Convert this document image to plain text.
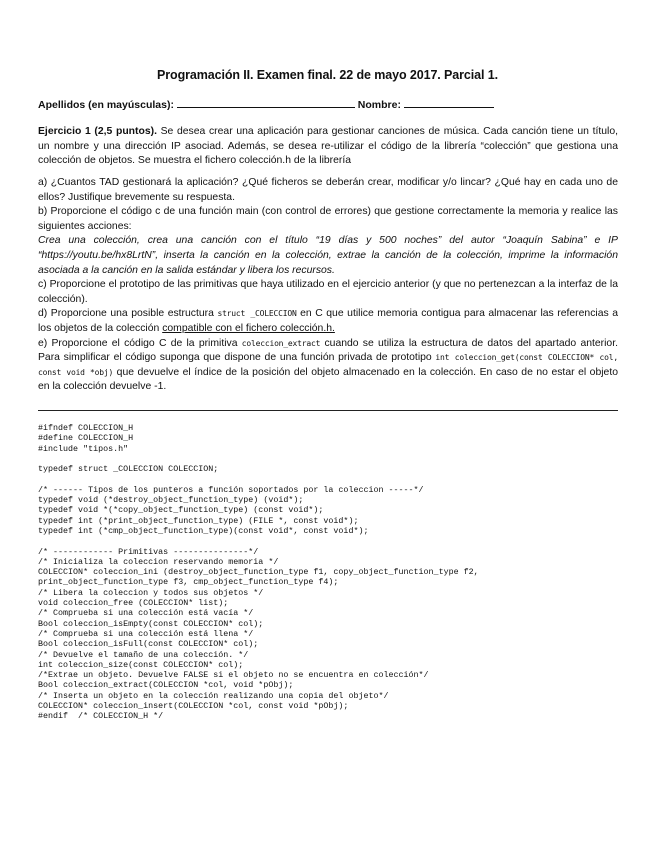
Programación II. Examen final. 22 de mayo 2017. Parcial 1.
Apellidos (en mayúsculas):	Nombre:
Ejercicio 1 (2,5 puntos). Se desea crear una aplicación para gestionar canciones de música. Cada canción tiene un título, un nombre y una dirección IP asociad. Además, se desea re-utilizar el código de la librería “colección” que gestiona una colección de objetos. Se muestra el fichero colección.h de la librería
a) ¿Cuantos TAD gestionará la aplicación? ¿Qué ficheros se deberán crear, modificar y/o lincar? ¿Qué hay en cada uno de ellos? Justifique brevemente su respuesta.
b) Proporcione el código c de una función main (con control de errores) que gestione correctamente la memoria y realice las siguientes acciones:
Crea una colección, crea una canción con el título “19 días y 500 noches” del autor “Joaquín Sabina” e IP “https://youtu.be/hx8LrtN”, inserta la canción en la colección, extrae la canción de la colección, imprime la información asociada a la canción en la salida estándar y libera los recursos.
c) Proporcione el prototipo de las primitivas que haya utilizado en el ejercicio anterior (y que no pertenezcan a la interfaz de la colección).
d) Proporcione una posible estructura struct _COLECCION en C que utilice memoria contigua para almacenar las referencias a los objetos de la colección compatible con el fichero colección.h.
e) Proporcione el código C de la primitiva coleccion_extract cuando se utiliza la estructura de datos del apartado anterior. Para simplificar el código suponga que dispone de una función privada de prototipo int coleccion_get(const COLECCION* col, const void *obj) que devuelve el índice de la posición del objeto almacenado en la colección. En caso de no estar el objeto en la colección devuelve -1.
#ifndef COLECCION_H
#define COLECCION_H
#include "tipos.h"
typedef struct _COLECCION COLECCION;
/* ------ Tipos de los punteros a función soportados por la coleccion -----*/
typedef void (*destroy_object_function_type) (void*);
typedef void *(*copy_object_function_type) (const void*);
typedef int (*print_object_function_type) (FILE *, const void*);
typedef int (*cmp_object_function_type)(const void*, const void*);
/* ------------ Primitivas ---------------*/
/* Inicializa la coleccion reservando memoria */
COLECCION* coleccion_ini (destroy_object_function_type f1, copy_object_function_type f2,
print_object_function_type f3, cmp_object_function_type f4);
/* Libera la coleccion y todos sus objetos */
void coleccion_free (COLECCION* list);
/* Comprueba si una colección está vacía */
Bool coleccion_isEmpty(const COLECCION* col);
/* Comprueba si una colección está llena */
Bool coleccion_isFull(const COLECCION* col);
/* Devuelve el tamaño de una colección. */
int coleccion_size(const COLECCION* col);
/*Extrae un objeto. Devuelve FALSE si el objeto no se encuentra en colección*/
Bool coleccion_extract(COLECCION *col, void *pObj);
/* Inserta un objeto en la colección realizando una copia del objeto*/
COLECCION* coleccion_insert(COLECCION *col, const void *pObj);
#endif  /* COLECCION_H */
